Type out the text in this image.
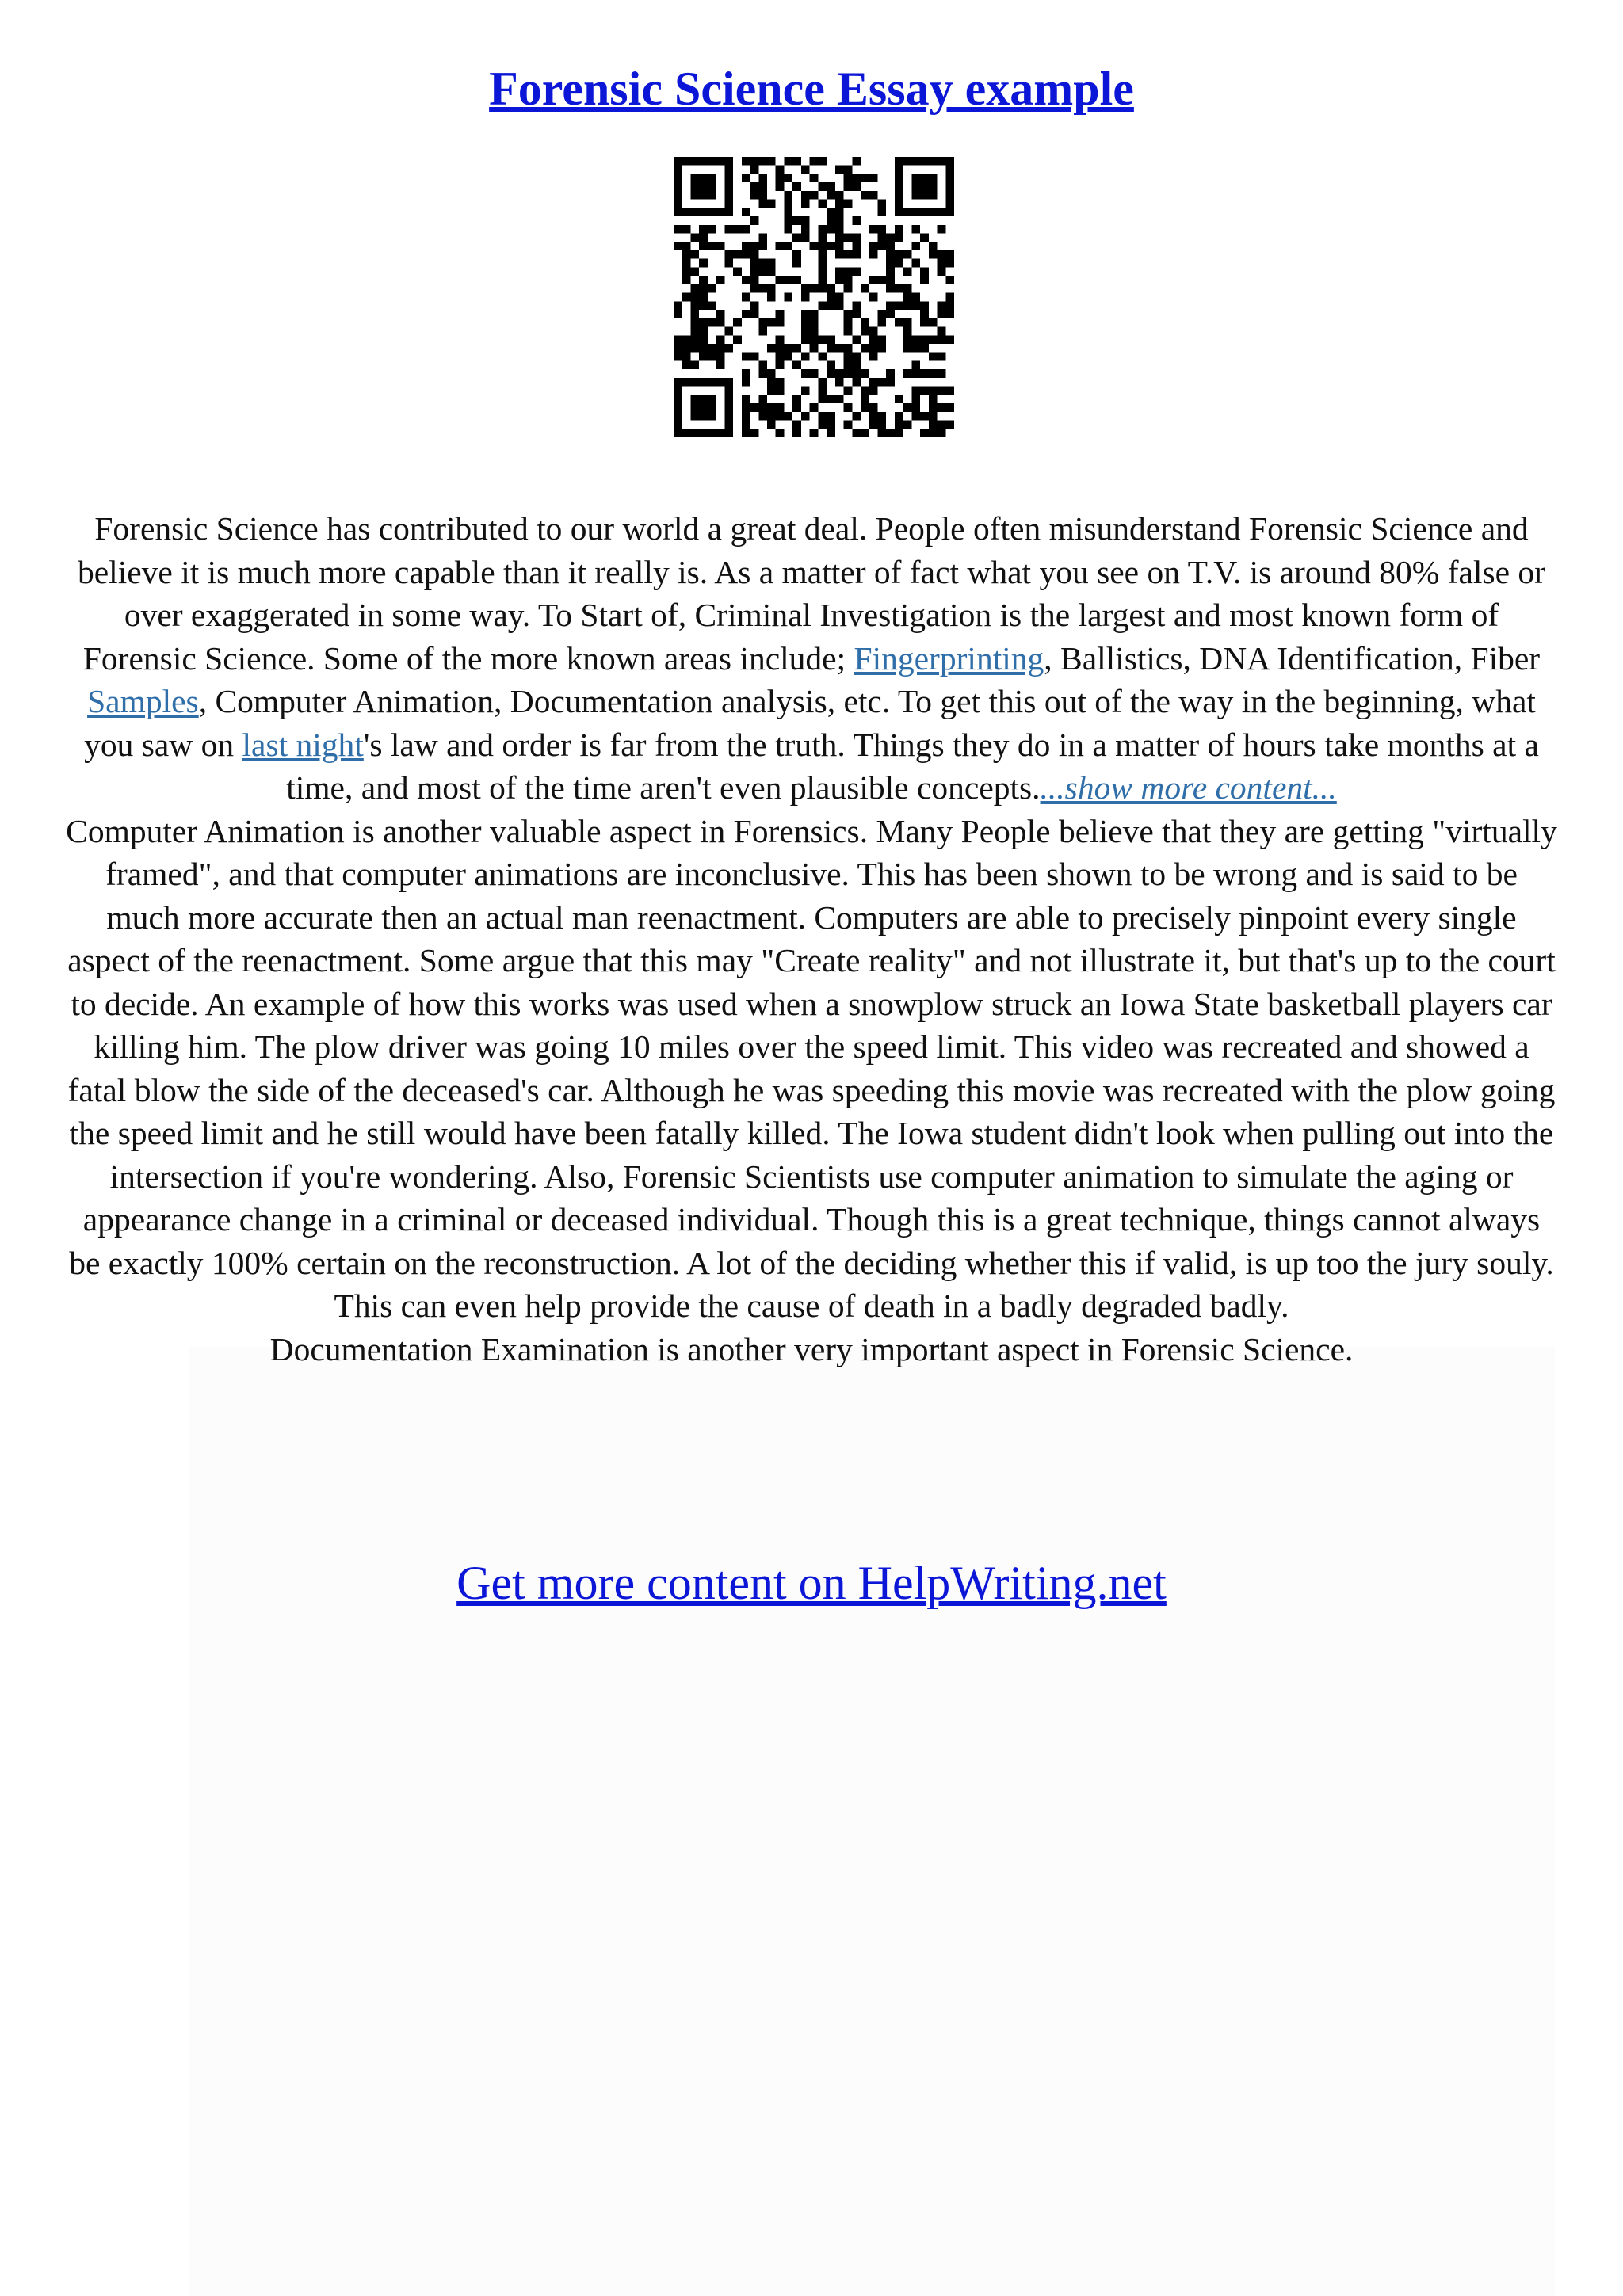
Forensic Science Essay example

Forensic Science has contributed to our world a great deal. People often misunderstand Forensic Science and believe it is much more capable than it really is. As a matter of fact what you see on T.V. is around 80% false or over exaggerated in some way. To Start of, Criminal Investigation is the largest and most known form of Forensic Science. Some of the more known areas include; Fingerprinting, Ballistics, DNA Identification, Fiber Samples, Computer Animation, Documentation analysis, etc. To get this out of the way in the beginning, what you saw on last night's law and order is far from the truth. Things they do in a matter of hours take months at a time, and most of the time aren't even plausible concepts....show more content...

Computer Animation is another valuable aspect in Forensics. Many People believe that they are getting "virtually framed", and that computer animations are inconclusive. This has been shown to be wrong and is said to be much more accurate then an actual man reenactment. Computers are able to precisely pinpoint every single aspect of the reenactment. Some argue that this may "Create reality" and not illustrate it, but that's up to the court to decide. An example of how this works was used when a snowplow struck an Iowa State basketball players car killing him. The plow driver was going 10 miles over the speed limit. This video was recreated and showed a fatal blow the side of the deceased's car. Although he was speeding this movie was recreated with the plow going the speed limit and he still would have been fatally killed. The Iowa student didn't look when pulling out into the intersection if you're wondering. Also, Forensic Scientists use computer animation to simulate the aging or appearance change in a criminal or deceased individual. Though this is a great technique, things cannot always be exactly 100% certain on the reconstruction. A lot of the deciding whether this if valid, is up too the jury souly. This can even help provide the cause of death in a badly degraded badly.

Documentation Examination is another very important aspect in Forensic Science.

Get more content on HelpWriting.net
